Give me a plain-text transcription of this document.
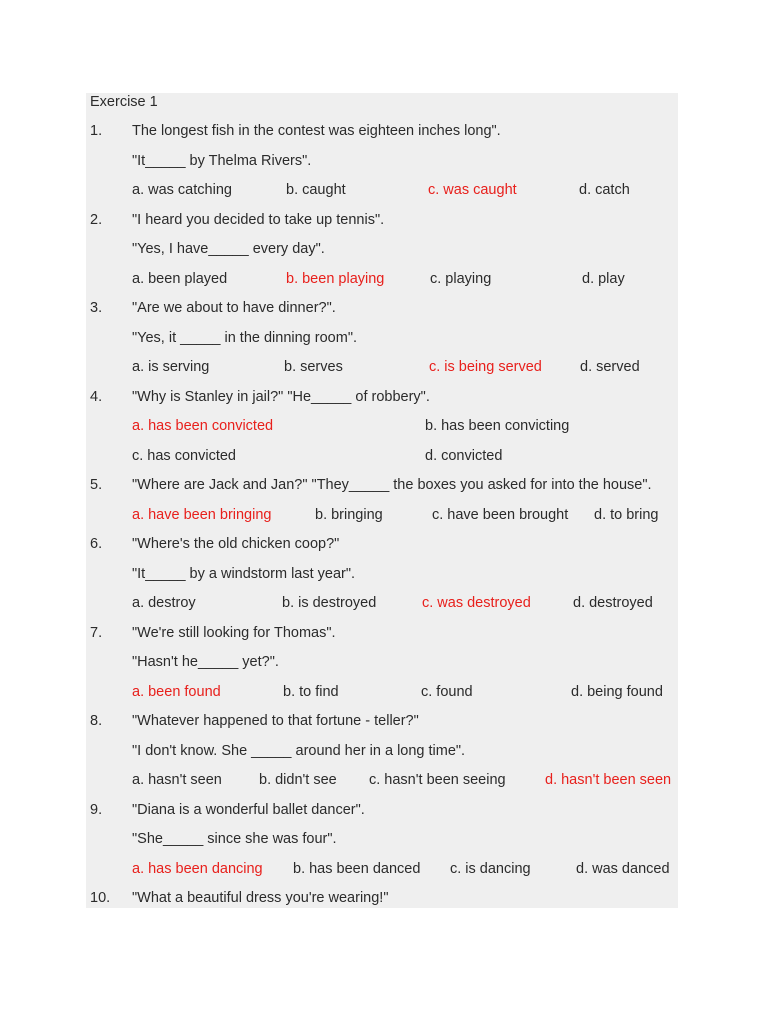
Exercise 1
1. The longest fish in the contest was eighteen inches long".
"It_____ by Thelma Rivers".
a. was catching	b. caught	c. was caught	d. catch
2. "I heard you decided to take up tennis".
"Yes, I have_____ every day".
a. been played	b. been playing	c. playing	d. play
3. "Are we about to have dinner?".
"Yes, it _____ in the dinning room".
a. is serving	b. serves	c. is being served	d. served
4. "Why is Stanley in jail?" "He_____ of robbery".
a. has been convicted	b. has been convicting
c. has convicted	d. convicted
5. "Where are Jack and Jan?" "They_____ the boxes you asked for into the house".
a. have been bringing	b. bringing	c. have been brought d. to bring
6. "Where's the old chicken coop?"
"It_____ by a windstorm last year".
a. destroy	b. is destroyed	c. was destroyed	d. destroyed
7. "We're still looking for Thomas".
"Hasn't he_____ yet?".
a. been found	b. to find	c. found	d. being found
8. "Whatever happened to that fortune - teller?"
"I don't know. She _____ around her in a long time".
a. hasn't seen	b. didn't see c. hasn't been seeing	d. hasn't been seen
9. "Diana is a wonderful ballet dancer".
"She_____ since she was four".
a. has been dancing b. has been danced c. is dancing	d. was danced
10. "What a beautiful dress you're wearing!"
